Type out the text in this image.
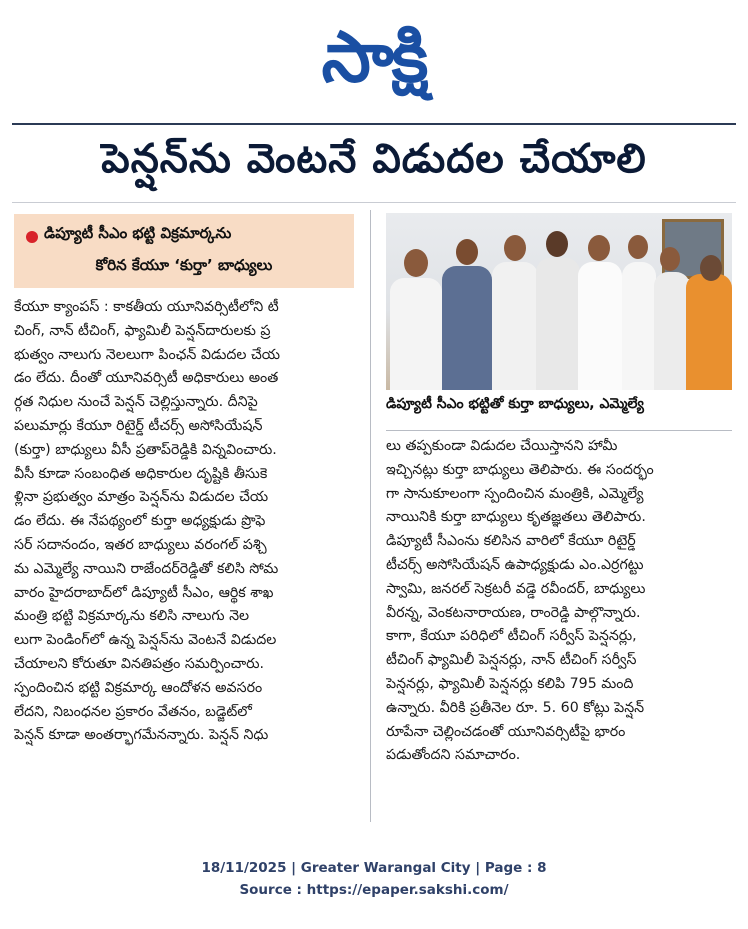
సాక్షి
పెన్షన్‌ను వెంటనే విడుదల చేయాలి
డిప్యూటీ సీఎం భట్టి విక్రమార్కను
కోరిన కేయూ ‘కుర్తా’ బాధ్యులు
కేయూ క్యాంపస్ : కాకతీయ యూనివర్సిటీలోని టీ
చింగ్, నాన్ టీచింగ్, ఫ్యామిలీ పెన్షన్‌దారులకు ప్ర
భుత్వం నాలుగు నెలలుగా పింఛన్ విడుదల చేయ
డం లేదు. దీంతో యూనివర్సిటీ అధికారులు అంత
ర్గత నిధుల నుంచే పెన్షన్ చెల్లిస్తున్నారు. దీనిపై
పలుమార్లు కేయూ రిటైర్డ్ టీచర్స్ అసోసియేషన్
(కుర్తా) బాధ్యులు వీసీ ప్రతాప్‌రెడ్డికి విన్నవించారు.
వీసీ కూడా సంబంధిత అధికారుల దృష్టికి తీసుకె
ళ్లినా ప్రభుత్వం మాత్రం పెన్షన్‌ను విడుదల చేయ
డం లేదు. ఈ నేపథ్యంలో కుర్తా అధ్యక్షుడు ప్రొఫె
సర్ సదానందం, ఇతర బాధ్యులు వరంగల్ పశ్చి
మ ఎమ్మెల్యే నాయిని రాజేందర్‌రెడ్డితో కలిసి సోమ
వారం హైదరాబాద్‌లో డిప్యూటీ సీఎం, ఆర్థిక శాఖ
మంత్రి భట్టి విక్రమార్కను కలిసి నాలుగు నెల
లుగా పెండింగ్‌లో ఉన్న పెన్షన్‌ను వెంటనే విడుదల
చేయాలని కోరుతూ వినతిపత్రం సమర్పించారు.
స్పందించిన భట్టి విక్రమార్క ఆందోళన అవసరం
లేదని, నిబంధనల ప్రకారం వేతనం, బడ్జెట్‌లో
పెన్షన్ కూడా అంతర్భాగమేనన్నారు. పెన్షన్ నిధు
డిప్యూటీ సీఎం భట్టితో కుర్తా బాధ్యులు, ఎమ్మెల్యే
లు తప్పకుండా విడుదల చేయిస్తానని హామీ
ఇచ్చినట్లు కుర్తా బాధ్యులు తెలిపారు. ఈ సందర్భం
గా సానుకూలంగా స్పందించిన మంత్రికి, ఎమ్మెల్యే
నాయినికి కుర్తా బాధ్యులు కృతజ్ఞతలు తెలిపారు.
డిప్యూటీ సీఎంను కలిసిన వారిలో కేయూ రిటైర్డ్
టీచర్స్ అసోసియేషన్ ఉపాధ్యక్షుడు ఎం.ఎర్రగట్టు
స్వామి, జనరల్ సెక్రటరీ వడ్డె రవీందర్, బాధ్యులు
వీరన్న, వెంకటనారాయణ, రాంరెడ్డి పాల్గొన్నారు.
కాగా, కేయూ పరిధిలో టీచింగ్ సర్వీస్ పెన్షనర్లు,
టీచింగ్ ఫ్యామిలీ పెన్షనర్లు, నాన్ టీచింగ్ సర్వీస్
పెన్షనర్లు, ఫ్యామిలీ పెన్షనర్లు కలిపి 795 మంది
ఉన్నారు. వీరికి ప్రతీనెల రూ. 5. 60 కోట్లు పెన్షన్
రూపేనా చెల్లించడంతో యూనివర్సిటీపై భారం
పడుతోందని సమాచారం.
18/11/2025 | Greater Warangal City | Page : 8
Source : https://epaper.sakshi.com/
